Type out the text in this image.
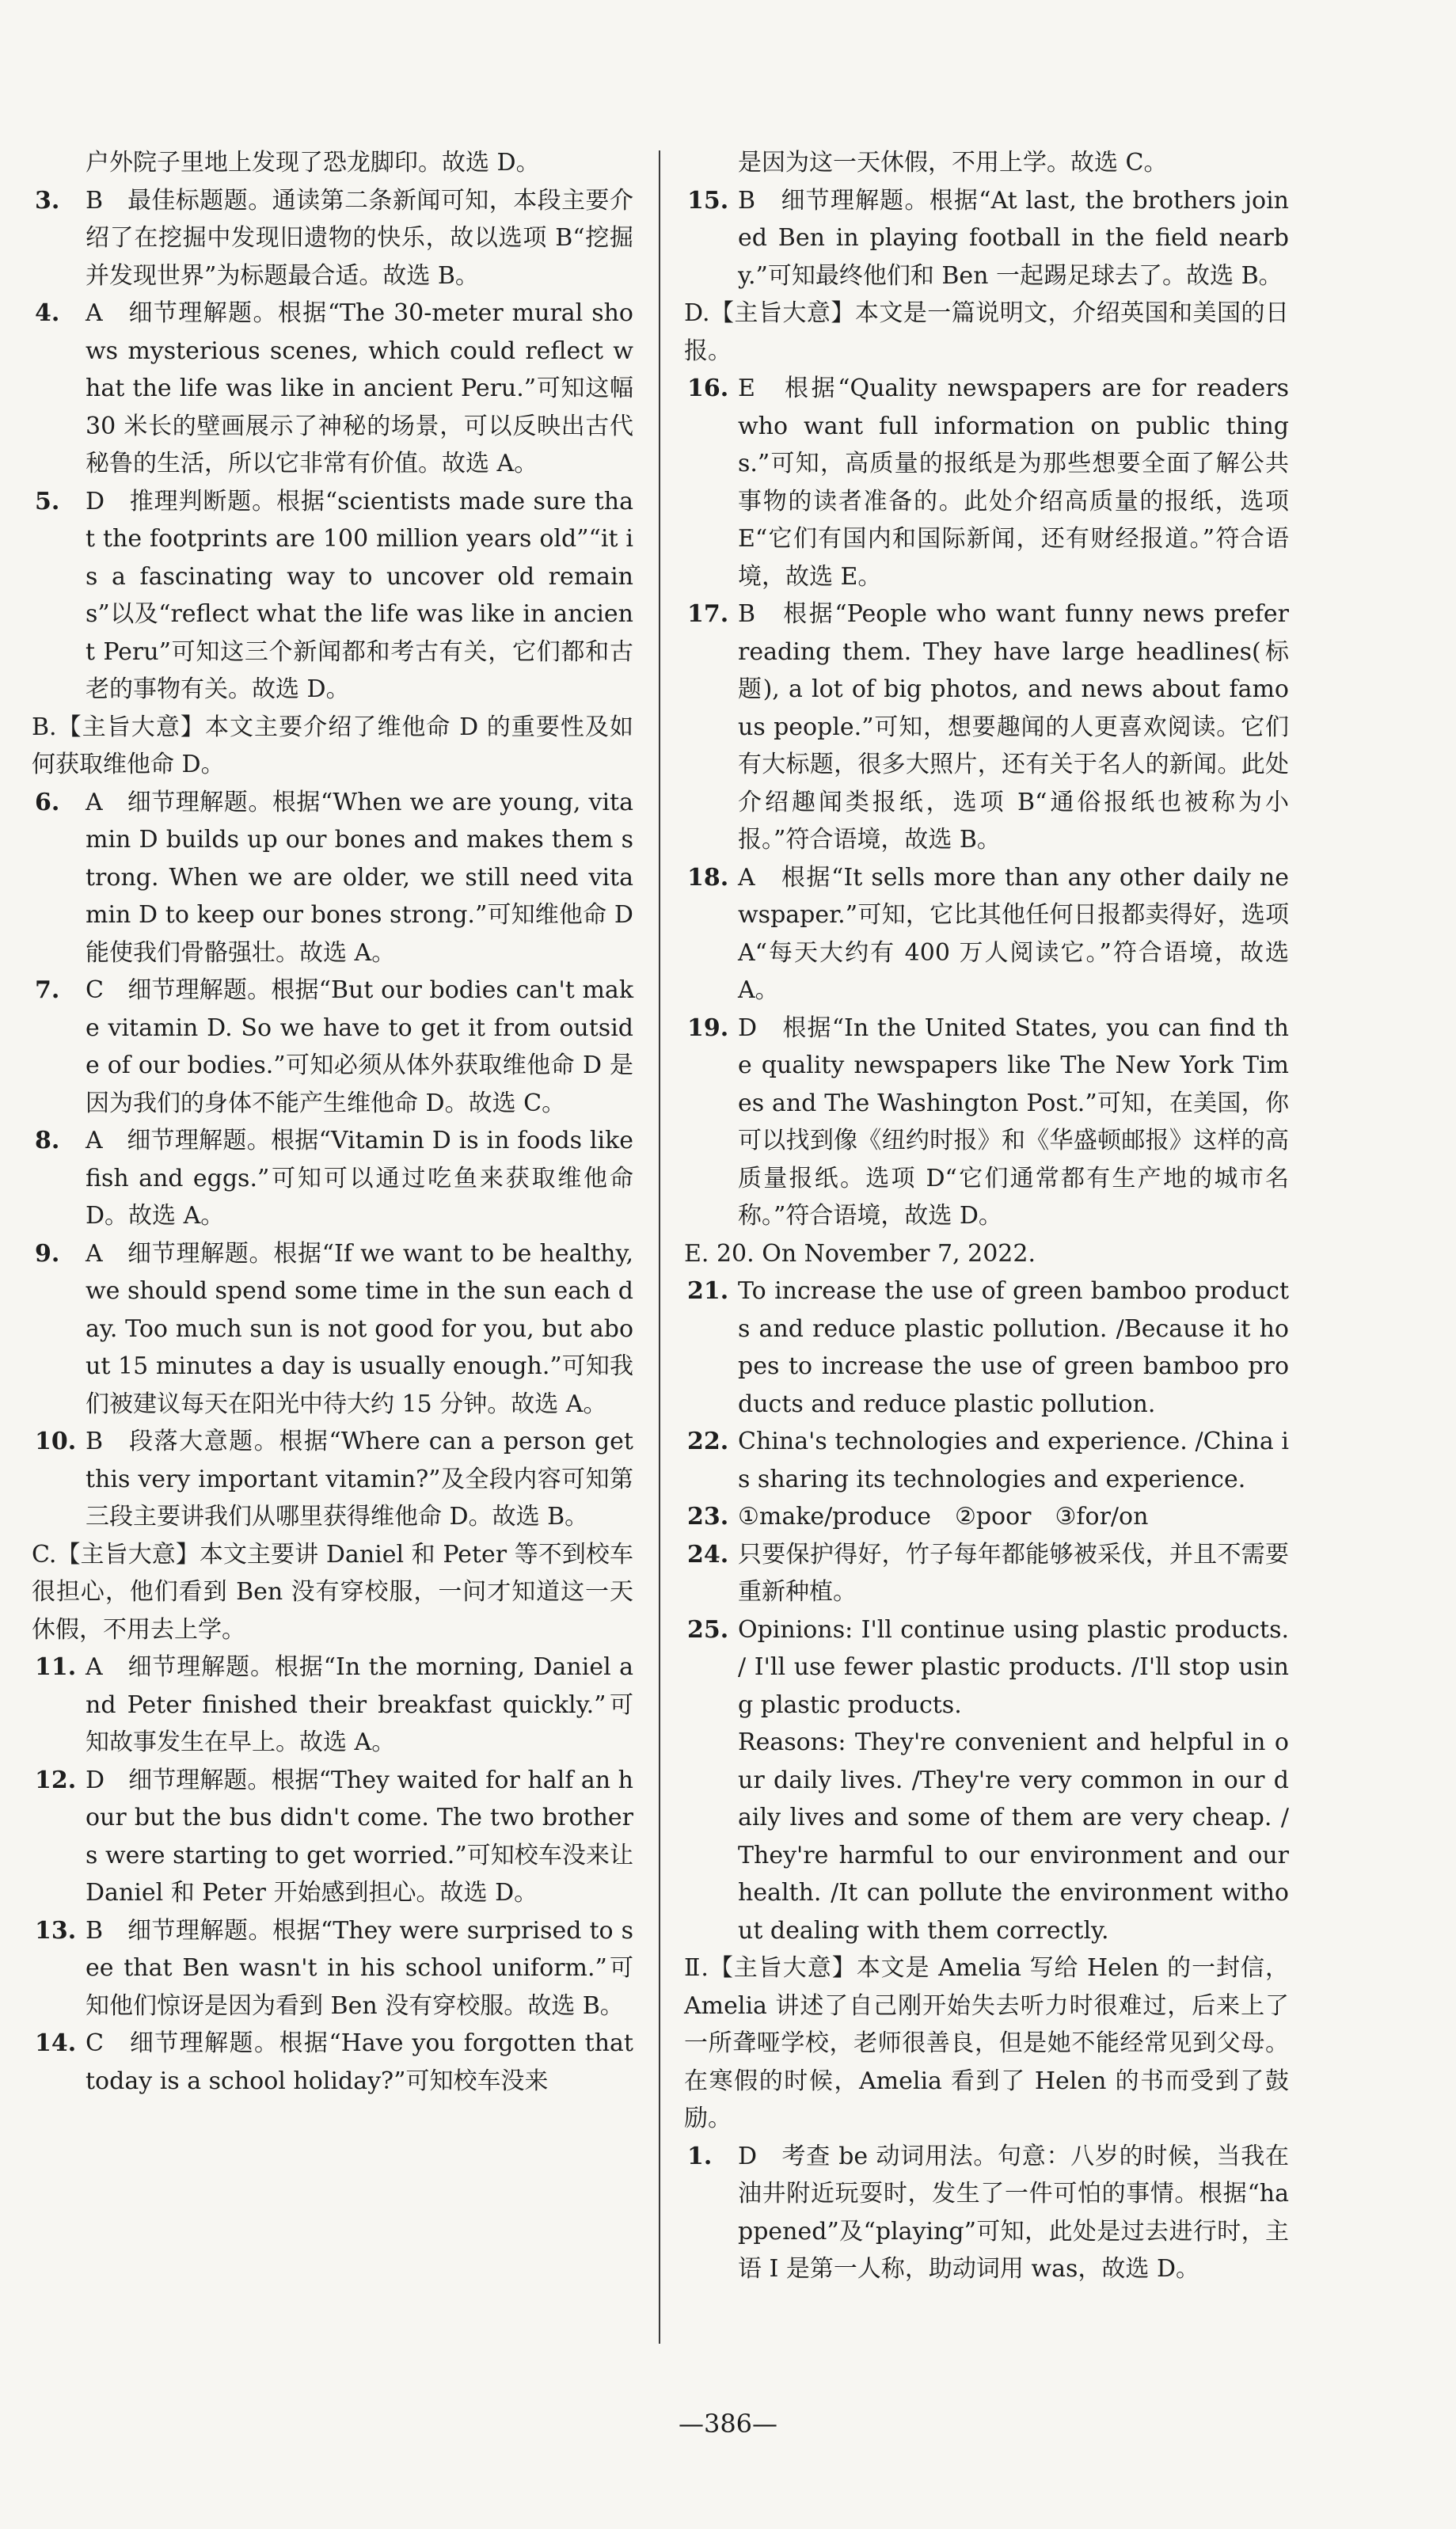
户外院子里地上发现了恐龙脚印。故选 D。

3. B　最佳标题题。通读第二条新闻可知，本段主要介绍了在挖掘中发现旧遗物的快乐，故以选项 B“挖掘并发现世界”为标题最合适。故选 B。

4. A　细节理解题。根据“The 30-meter mural shows mysterious scenes, which could reflect what the life was like in ancient Peru.”可知这幅 30 米长的壁画展示了神秘的场景，可以反映出古代秘鲁的生活，所以它非常有价值。故选 A。

5. D　推理判断题。根据“scientists made sure that the footprints are 100 million years old”“it is a fascinating way to uncover old remains”以及“reflect what the life was like in ancient Peru”可知这三个新闻都和考古有关，它们都和古老的事物有关。故选 D。

B.【主旨大意】本文主要介绍了维他命 D 的重要性及如何获取维他命 D。

6. A　细节理解题。根据“When we are young, vitamin D builds up our bones and makes them strong. When we are older, we still need vitamin D to keep our bones strong.”可知维他命 D 能使我们骨骼强壮。故选 A。

7. C　细节理解题。根据“But our bodies can't make vitamin D. So we have to get it from outside of our bodies.”可知必须从体外获取维他命 D 是因为我们的身体不能产生维他命 D。故选 C。

8. A　细节理解题。根据“Vitamin D is in foods like fish and eggs.”可知可以通过吃鱼来获取维他命 D。故选 A。

9. A　细节理解题。根据“If we want to be healthy, we should spend some time in the sun each day. Too much sun is not good for you, but about 15 minutes a day is usually enough.”可知我们被建议每天在阳光中待大约 15 分钟。故选 A。

10. B　段落大意题。根据“Where can a person get this very important vitamin?”及全段内容可知第三段主要讲我们从哪里获得维他命 D。故选 B。

C.【主旨大意】本文主要讲 Daniel 和 Peter 等不到校车很担心，他们看到 Ben 没有穿校服，一问才知道这一天休假，不用去上学。

11. A　细节理解题。根据“In the morning, Daniel and Peter finished their breakfast quickly.”可知故事发生在早上。故选 A。

12. D　细节理解题。根据“They waited for half an hour but the bus didn't come. The two brothers were starting to get worried.”可知校车没来让 Daniel 和 Peter 开始感到担心。故选 D。

13. B　细节理解题。根据“They were surprised to see that Ben wasn't in his school uniform.”可知他们惊讶是因为看到 Ben 没有穿校服。故选 B。

14. C　细节理解题。根据“Have you forgotten that today is a school holiday?”可知校车没来

是因为这一天休假，不用上学。故选 C。

15. B　细节理解题。根据“At last, the brothers joined Ben in playing football in the field nearby.”可知最终他们和 Ben 一起踢足球去了。故选 B。

D.【主旨大意】本文是一篇说明文，介绍英国和美国的日报。

16. E　根据“Quality newspapers are for readers who want full information on public things.”可知，高质量的报纸是为那些想要全面了解公共事物的读者准备的。此处介绍高质量的报纸，选项 E“它们有国内和国际新闻，还有财经报道。”符合语境，故选 E。

17. B　根据“People who want funny news prefer reading them. They have large headlines(标题), a lot of big photos, and news about famous people.”可知，想要趣闻的人更喜欢阅读。它们有大标题，很多大照片，还有关于名人的新闻。此处介绍趣闻类报纸，选项 B“通俗报纸也被称为小报。”符合语境，故选 B。

18. A　根据“It sells more than any other daily newspaper.”可知，它比其他任何日报都卖得好，选项 A“每天大约有 400 万人阅读它。”符合语境，故选 A。

19. D　根据“In the United States, you can find the quality newspapers like The New York Times and The Washington Post.”可知，在美国，你可以找到像《纽约时报》和《华盛顿邮报》这样的高质量报纸。选项 D“它们通常都有生产地的城市名称。”符合语境，故选 D。

E. 20. On November 7, 2022.

21. To increase the use of green bamboo products and reduce plastic pollution. /Because it hopes to increase the use of green bamboo products and reduce plastic pollution.

22. China's technologies and experience. /China is sharing its technologies and experience.

23. ①make/produce　②poor　③for/on

24. 只要保护得好，竹子每年都能够被采伐，并且不需要重新种植。

25. Opinions: I'll continue using plastic products. / I'll use fewer plastic products. /I'll stop using plastic products.

Reasons: They're convenient and helpful in our daily lives. /They're very common in our daily lives and some of them are very cheap. / They're harmful to our environment and our health. /It can pollute the environment without dealing with them correctly.

Ⅱ.【主旨大意】本文是 Amelia 写给 Helen 的一封信，Amelia 讲述了自己刚开始失去听力时很难过，后来上了一所聋哑学校，老师很善良，但是她不能经常见到父母。在寒假的时候，Amelia 看到了 Helen 的书而受到了鼓励。

1. D　考查 be 动词用法。句意：八岁的时候，当我在油井附近玩耍时，发生了一件可怕的事情。根据“happened”及“playing”可知，此处是过去进行时，主语 I 是第一人称，助动词用 was，故选 D。

—386—
